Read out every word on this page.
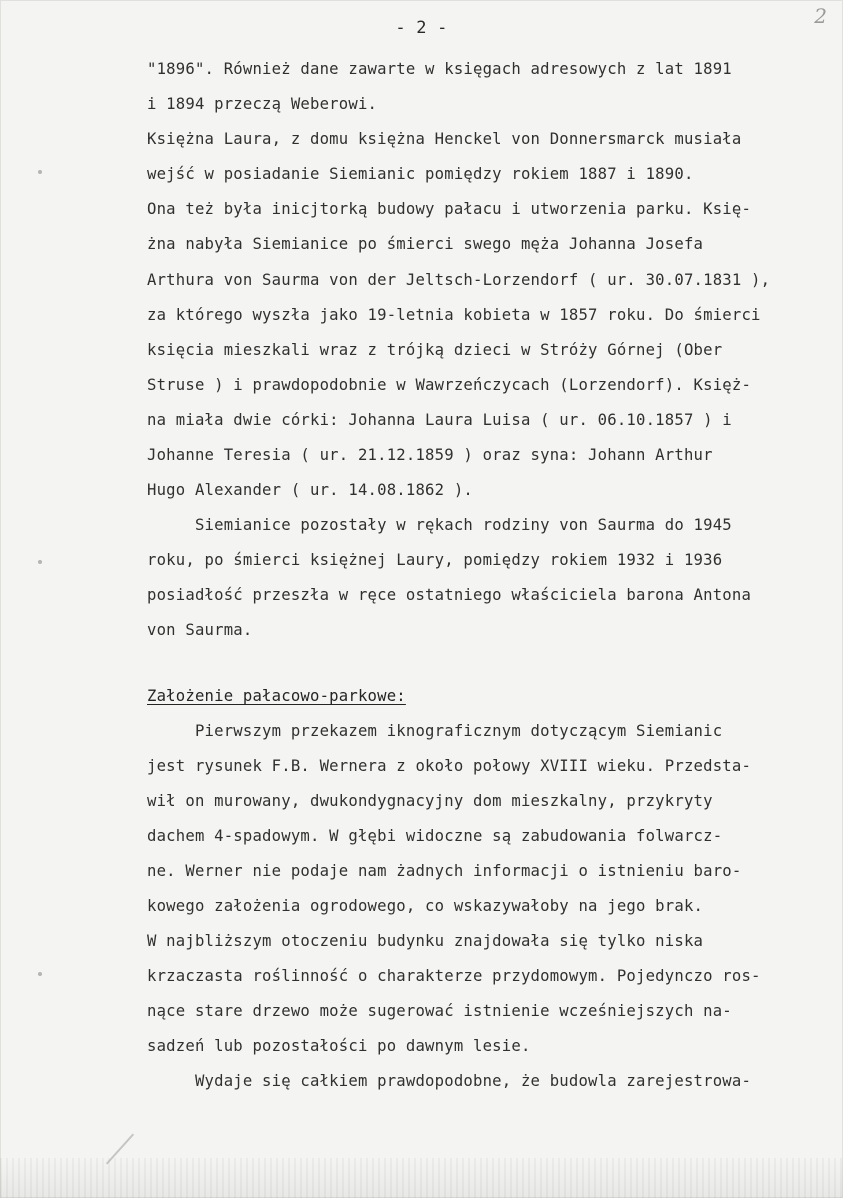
- 2 -	2
"1896". Również dane zawarte w księgach adresowych z lat 1891
i 1894 przeczą Weberowi.
Księżna Laura, z domu księżna Henckel von Donnersmarck musiała
wejść w posiadanie Siemianic pomiędzy rokiem 1887 i 1890.
Ona też była inicjtorką budowy pałacu i utworzenia parku. Księ-
żna nabyła Siemianice po śmierci swego męża Johanna Josefa
Arthura von Saurma von der Jeltsch-Lorzendorf ( ur. 30.07.1831 ),
za którego wyszła jako 19-letnia kobieta w 1857 roku. Do śmierci
księcia mieszkali wraz z trójką dzieci w Stróży Górnej (Ober
Struse ) i prawdopodobnie w Wawrzeńczycach (Lorzendorf). Księż-
na miała dwie córki: Johanna Laura Luisa ( ur. 06.10.1857 ) i
Johanne Teresia ( ur. 21.12.1859 ) oraz syna: Johann Arthur
Hugo Alexander ( ur. 14.08.1862 ).
Siemianice pozostały w rękach rodziny von Saurma do 1945
roku, po śmierci księżnej Laury, pomiędzy rokiem 1932 i 1936
posiadłość przeszła w ręce ostatniego właściciela barona Antona
von Saurma.
Założenie pałacowo-parkowe:
Pierwszym przekazem iknograficznym dotyczącym Siemianic
jest rysunek F.B. Wernera z około połowy XVIII wieku. Przedsta-
wił on murowany, dwukondygnacyjny dom mieszkalny, przykryty
dachem 4-spadowym. W głębi widoczne są zabudowania folwarcz-
ne. Werner nie podaje nam żadnych informacji o istnieniu baro-
kowego założenia ogrodowego, co wskazywałoby na jego brak.
W najbliższym otoczeniu budynku znajdowała się tylko niska
krzaczasta roślinność o charakterze przydomowym. Pojedynczo ros-
nące stare drzewo może sugerować istnienie wcześniejszych na-
sadzeń lub pozostałości po dawnym lesie.
Wydaje się całkiem prawdopodobne, że budowla zarejestrowa-
